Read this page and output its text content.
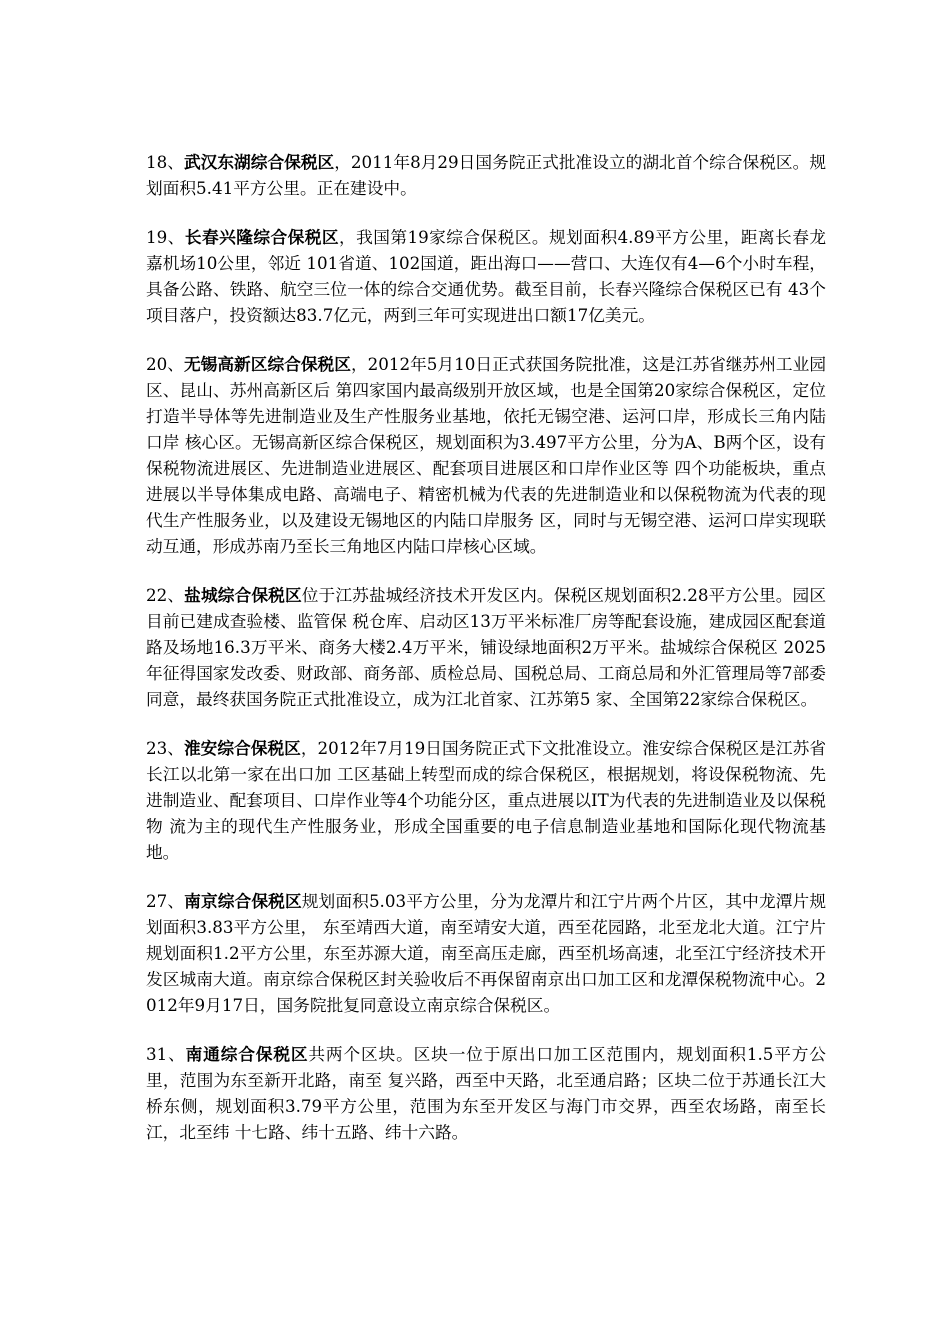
18、武汉东湖综合保税区，2011年8月29日国务院正式批准设立的湖北首个综合保税区。规划面积5.41平方公里。正在建设中。

19、长春兴隆综合保税区，我国第19家综合保税区。规划面积4.89平方公里，距离长春龙嘉机场10公里，邻近 101省道、102国道，距出海口——营口、大连仅有4—6个小时车程，具备公路、铁路、航空三位一体的综合交通优势。截至目前，长春兴隆综合保税区已有 43个项目落户，投资额达83.7亿元，两到三年可实现进出口额17亿美元。

20、无锡高新区综合保税区，2012年5月10日正式获国务院批准，这是江苏省继苏州工业园区、昆山、苏州高新区后 第四家国内最高级别开放区域，也是全国第20家综合保税区，定位打造半导体等先进制造业及生产性服务业基地，依托无锡空港、运河口岸，形成长三角内陆口岸 核心区。无锡高新区综合保税区，规划面积为3.497平方公里，分为A、B两个区，设有保税物流进展区、先进制造业进展区、配套项目进展区和口岸作业区等 四个功能板块，重点进展以半导体集成电路、高端电子、精密机械为代表的先进制造业和以保税物流为代表的现代生产性服务业，以及建设无锡地区的内陆口岸服务 区，同时与无锡空港、运河口岸实现联动互通，形成苏南乃至长三角地区内陆口岸核心区域。

22、盐城综合保税区位于江苏盐城经济技术开发区内。保税区规划面积2.28平方公里。园区目前已建成查验楼、监管保 税仓库、启动区13万平米标准厂房等配套设施，建成园区配套道路及场地16.3万平米、商务大楼2.4万平米，铺设绿地面积2万平米。盐城综合保税区 2025年征得国家发改委、财政部、商务部、质检总局、国税总局、工商总局和外汇管理局等7部委同意，最终获国务院正式批准设立，成为江北首家、江苏第5 家、全国第22家综合保税区。

23、淮安综合保税区，2012年7月19日国务院正式下文批准设立。淮安综合保税区是江苏省长江以北第一家在出口加 工区基础上转型而成的综合保税区，根据规划，将设保税物流、先进制造业、配套项目、口岸作业等4个功能分区，重点进展以IT为代表的先进制造业及以保税物 流为主的现代生产性服务业，形成全国重要的电子信息制造业基地和国际化现代物流基地。

27、南京综合保税区规划面积5.03平方公里，分为龙潭片和江宁片两个片区，其中龙潭片规划面积3.83平方公里， 东至靖西大道，南至靖安大道，西至花园路，北至龙北大道。江宁片规划面积1.2平方公里，东至苏源大道，南至高压走廊，西至机场高速，北至江宁经济技术开 发区城南大道。南京综合保税区封关验收后不再保留南京出口加工区和龙潭保税物流中心。2012年9月17日，国务院批复同意设立南京综合保税区。

31、南通综合保税区共两个区块。区块一位于原出口加工区范围内，规划面积1.5平方公里，范围为东至新开北路，南至 复兴路，西至中天路，北至通启路；区块二位于苏通长江大桥东侧，规划面积3.79平方公里，范围为东至开发区与海门市交界，西至农场路，南至长江，北至纬 十七路、纬十五路、纬十六路。
